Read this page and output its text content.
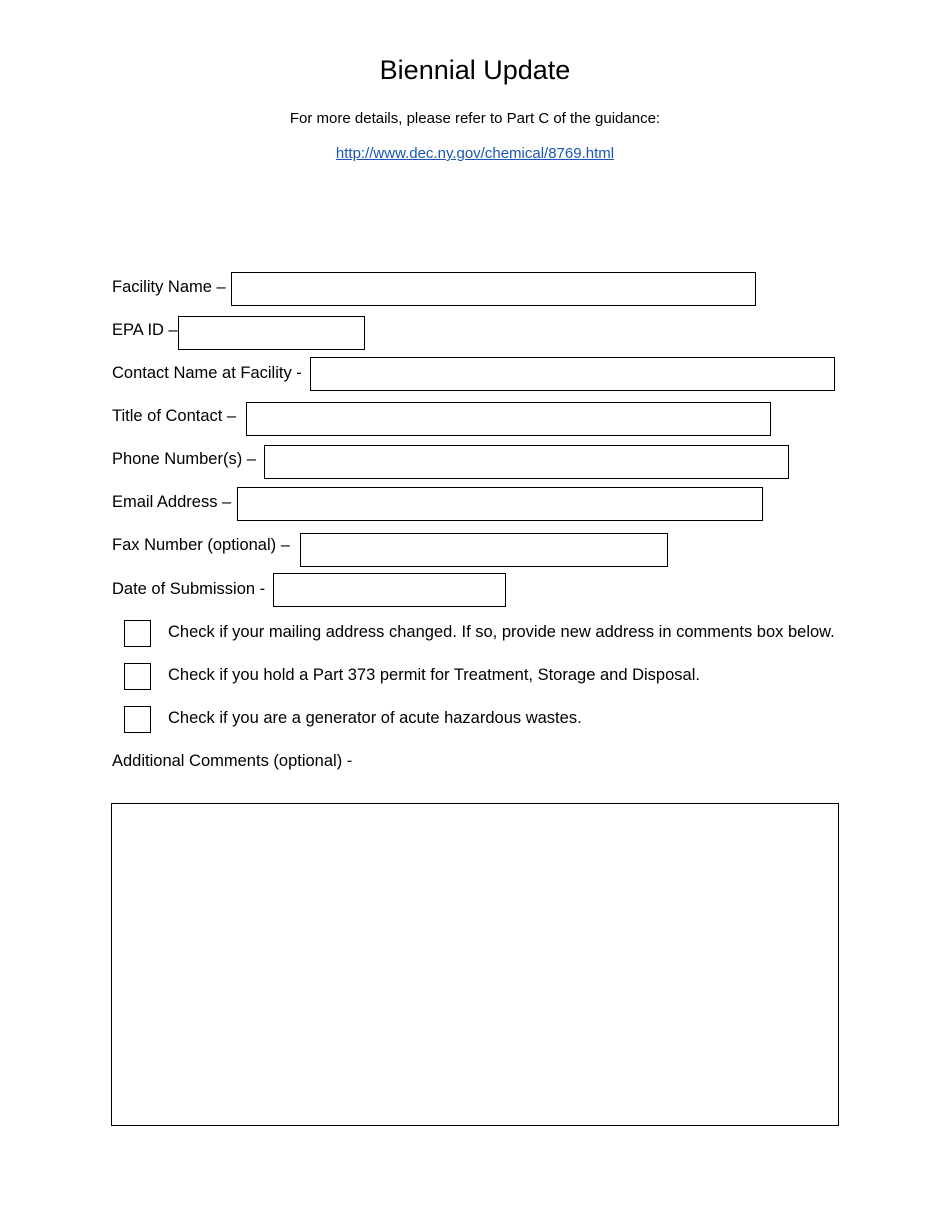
Biennial Update
For more details, please refer to Part C of the guidance:
http://www.dec.ny.gov/chemical/8769.html
Facility Name –
EPA ID –
Contact Name at Facility -
Title of Contact –
Phone Number(s) –
Email Address –
Fax Number (optional) –
Date of Submission -
Check if your mailing address changed. If so, provide new address in comments box below.
Check if you hold a Part 373 permit for Treatment, Storage and Disposal.
Check if you are a generator of acute hazardous wastes.
Additional Comments (optional) -
